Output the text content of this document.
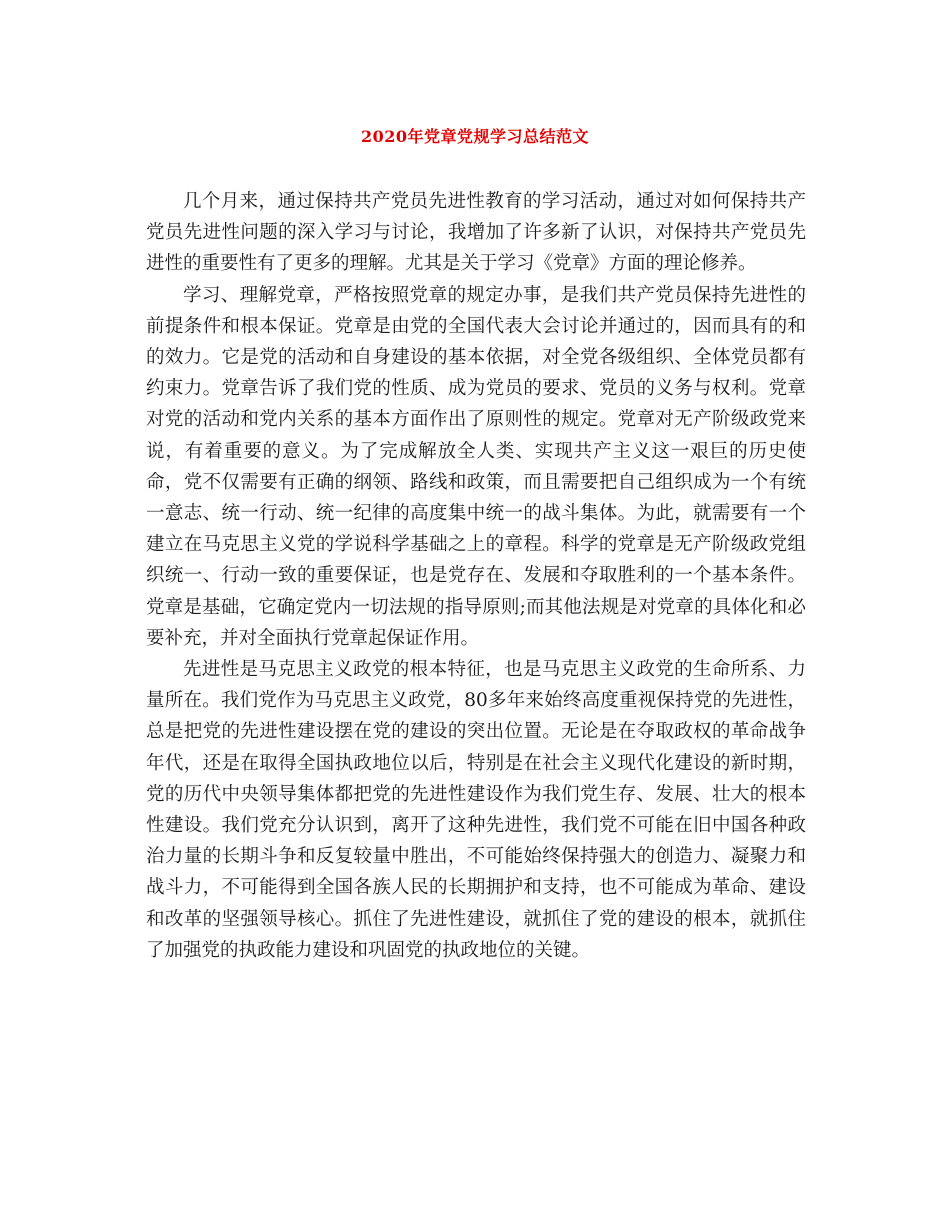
2020年党章党规学习总结范文

几个月来，通过保持共产党员先进性教育的学习活动，通过对如何保持共产党员先进性问题的深入学习与讨论，我增加了许多新了认识，对保持共产党员先进性的重要性有了更多的理解。尤其是关于学习《党章》方面的理论修养。

学习、理解党章，严格按照党章的规定办事，是我们共产党员保持先进性的前提条件和根本保证。党章是由党的全国代表大会讨论并通过的，因而具有的和的效力。它是党的活动和自身建设的基本依据，对全党各级组织、全体党员都有约束力。党章告诉了我们党的性质、成为党员的要求、党员的义务与权利。党章对党的活动和党内关系的基本方面作出了原则性的规定。党章对无产阶级政党来说，有着重要的意义。为了完成解放全人类、实现共产主义这一艰巨的历史使命，党不仅需要有正确的纲领、路线和政策，而且需要把自己组织成为一个有统一意志、统一行动、统一纪律的高度集中统一的战斗集体。为此，就需要有一个建立在马克思主义党的学说科学基础之上的章程。科学的党章是无产阶级政党组织统一、行动一致的重要保证，也是党存在、发展和夺取胜利的一个基本条件。党章是基础，它确定党内一切法规的指导原则;而其他法规是对党章的具体化和必要补充，并对全面执行党章起保证作用。

先进性是马克思主义政党的根本特征，也是马克思主义政党的生命所系、力量所在。我们党作为马克思主义政党，80多年来始终高度重视保持党的先进性，总是把党的先进性建设摆在党的建设的突出位置。无论是在夺取政权的革命战争年代，还是在取得全国执政地位以后，特别是在社会主义现代化建设的新时期，党的历代中央领导集体都把党的先进性建设作为我们党生存、发展、壮大的根本性建设。我们党充分认识到，离开了这种先进性，我们党不可能在旧中国各种政治力量的长期斗争和反复较量中胜出，不可能始终保持强大的创造力、凝聚力和战斗力，不可能得到全国各族人民的长期拥护和支持，也不可能成为革命、建设和改革的坚强领导核心。抓住了先进性建设，就抓住了党的建设的根本，就抓住了加强党的执政能力建设和巩固党的执政地位的关键。
